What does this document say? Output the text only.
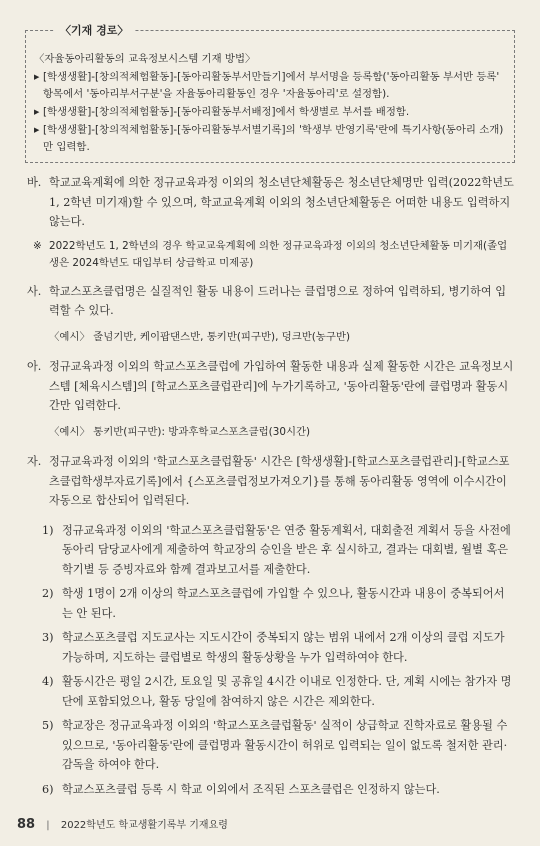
〈기재 경로〉
〈자율동아리활동의 교육정보시스템 기재 방법〉
▶ [학생생활]-[창의적체험활동]-[동아리활동부서만들기]에서 부서명을 등록함('동아리활동 부서반 등록' 항목에서 '동아리부서구분'을 자율동아리활동인 경우 '자율동아리'로 설정함).
▶ [학생생활]-[창의적체험활동]-[동아리활동부서배정]에서 학생별로 부서를 배정함.
▶ [학생생활]-[창의적체험활동]-[동아리활동부서별기록]의 '학생부 반영기록'란에 특기사항(동아리 소개)만 입력함.
바. 학교교육계획에 의한 정규교육과정 이외의 청소년단체활동은 청소년단체명만 입력(2022학년도 1, 2학년 미기재)할 수 있으며, 학교교육계획 이외의 청소년단체활동은 어떠한 내용도 입력하지 않는다.
※ 2022학년도 1, 2학년의 경우 학교교육계획에 의한 정규교육과정 이외의 청소년단체활동 미기재(졸업생은 2024학년도 대입부터 상급학교 미제공)
사. 학교스포츠클럽명은 실질적인 활동 내용이 드러나는 클럽명으로 정하여 입력하되, 병기하여 입력할 수 있다.
〈예시〉 줄넘기반, 케이팝댄스반, 통키반(피구반), 덩크반(농구반)
아. 정규교육과정 이외의 학교스포츠클럽에 가입하여 활동한 내용과 실제 활동한 시간은 교육정보시스템 [체육시스템]의 [학교스포츠클럽관리]에 누가기록하고, '동아리활동'란에 클럽명과 활동시간만 입력한다.
〈예시〉 통키반(피구반): 방과후학교스포츠클럽(30시간)
자. 정규교육과정 이외의 '학교스포츠클럽활동' 시간은 [학생생활]-[학교스포츠클럽관리]-[학교스포츠클럽학생부자료기록]에서 {스포츠클럽정보가져오기}를 통해 동아리활동 영역에 이수시간이 자동으로 합산되어 입력된다.
1) 정규교육과정 이외의 '학교스포츠클럽활동'은 연중 활동계획서, 대회출전 계획서 등을 사전에 동아리 담당교사에게 제출하여 학교장의 승인을 받은 후 실시하고, 결과는 대회별, 월별 혹은 학기별 등 증빙자료와 함께 결과보고서를 제출한다.
2) 학생 1명이 2개 이상의 학교스포츠클럽에 가입할 수 있으나, 활동시간과 내용이 중복되어서는 안 된다.
3) 학교스포츠클럽 지도교사는 지도시간이 중복되지 않는 범위 내에서 2개 이상의 클럽 지도가 가능하며, 지도하는 클럽별로 학생의 활동상황을 누가 입력하여야 한다.
4) 활동시간은 평일 2시간, 토요일 및 공휴일 4시간 이내로 인정한다. 단, 계획 시에는 참가자 명단에 포함되었으나, 활동 당일에 참여하지 않은 시간은 제외한다.
5) 학교장은 정규교육과정 이외의 '학교스포츠클럽활동' 실적이 상급학교 진학자료로 활용될 수 있으므로, '동아리활동'란에 클럽명과 활동시간이 허위로 입력되는 일이 없도록 철저한 관리·감독을 하여야 한다.
6) 학교스포츠클럽 등록 시 학교 이외에서 조직된 스포츠클럽은 인정하지 않는다.
88 | 2022학년도 학교생활기록부 기재요령
